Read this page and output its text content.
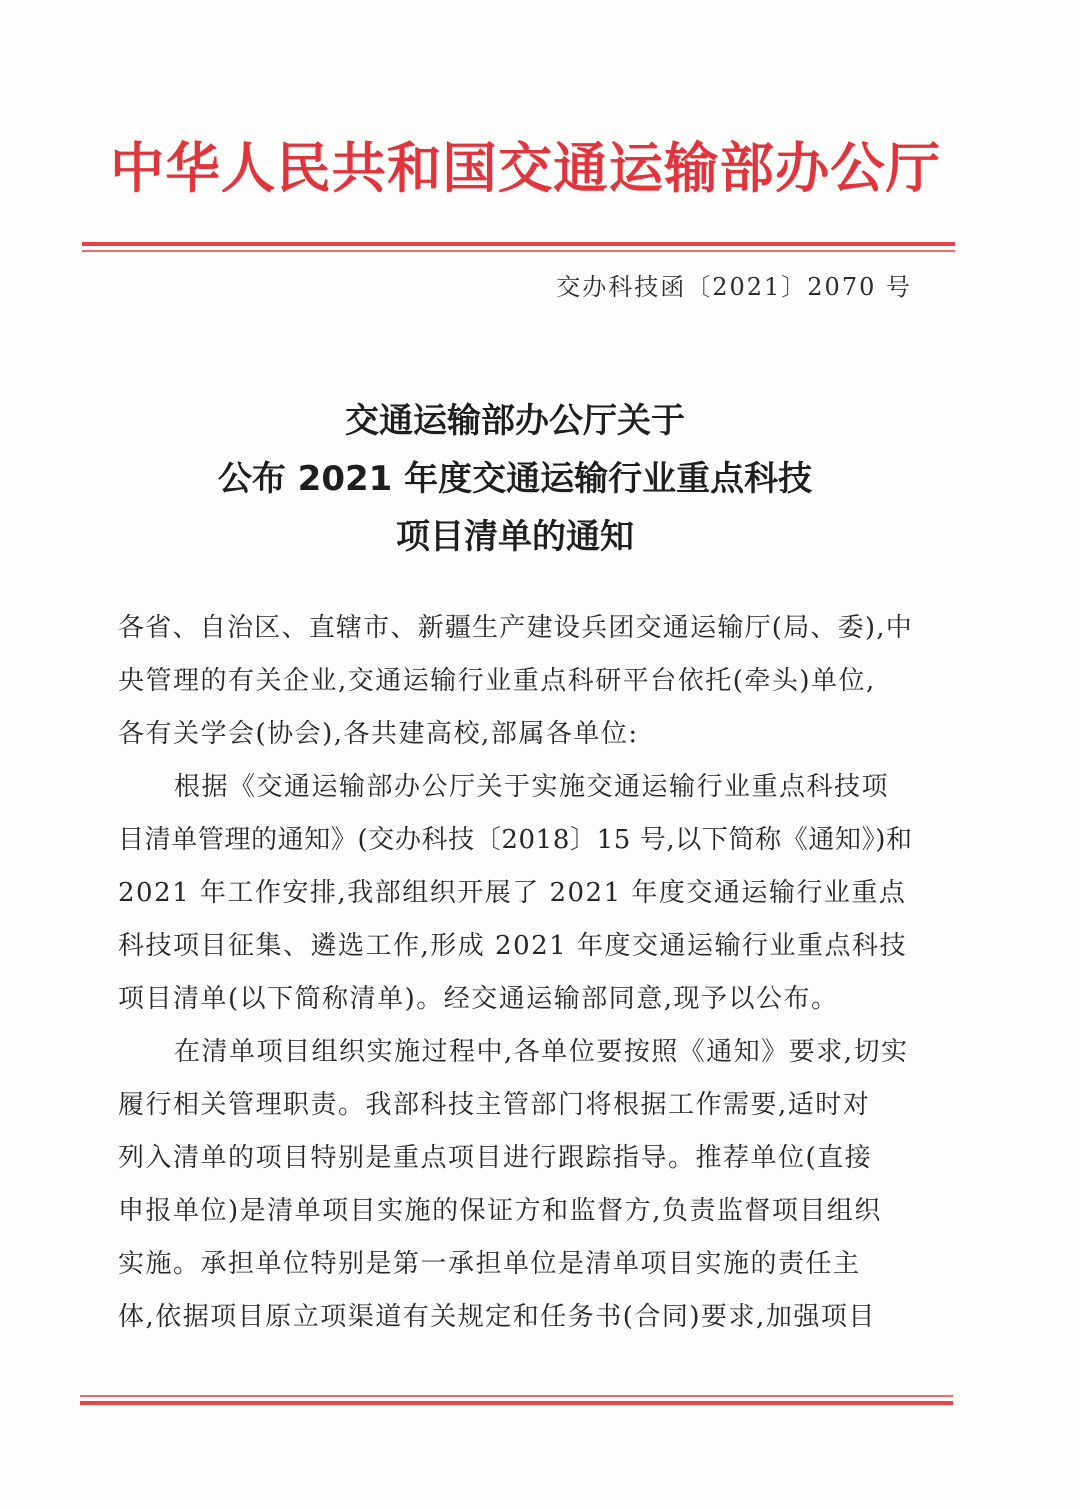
中华人民共和国交通运输部办公厅
交办科技函〔2021〕2070 号
交通运输部办公厅关于
公布 2021 年度交通运输行业重点科技
项目清单的通知
各省、自治区、直辖市、新疆生产建设兵团交通运输厅(局、委),中
央管理的有关企业,交通运输行业重点科研平台依托(牵头)单位,
各有关学会(协会),各共建高校,部属各单位:
根据《交通运输部办公厅关于实施交通运输行业重点科技项
目清单管理的通知》(交办科技〔2018〕15 号,以下简称《通知》)和
2021 年工作安排,我部组织开展了 2021 年度交通运输行业重点
科技项目征集、遴选工作,形成 2021 年度交通运输行业重点科技
项目清单(以下简称清单)。经交通运输部同意,现予以公布。
在清单项目组织实施过程中,各单位要按照《通知》要求,切实
履行相关管理职责。我部科技主管部门将根据工作需要,适时对
列入清单的项目特别是重点项目进行跟踪指导。推荐单位(直接
申报单位)是清单项目实施的保证方和监督方,负责监督项目组织
实施。承担单位特别是第一承担单位是清单项目实施的责任主
体,依据项目原立项渠道有关规定和任务书(合同)要求,加强项目
